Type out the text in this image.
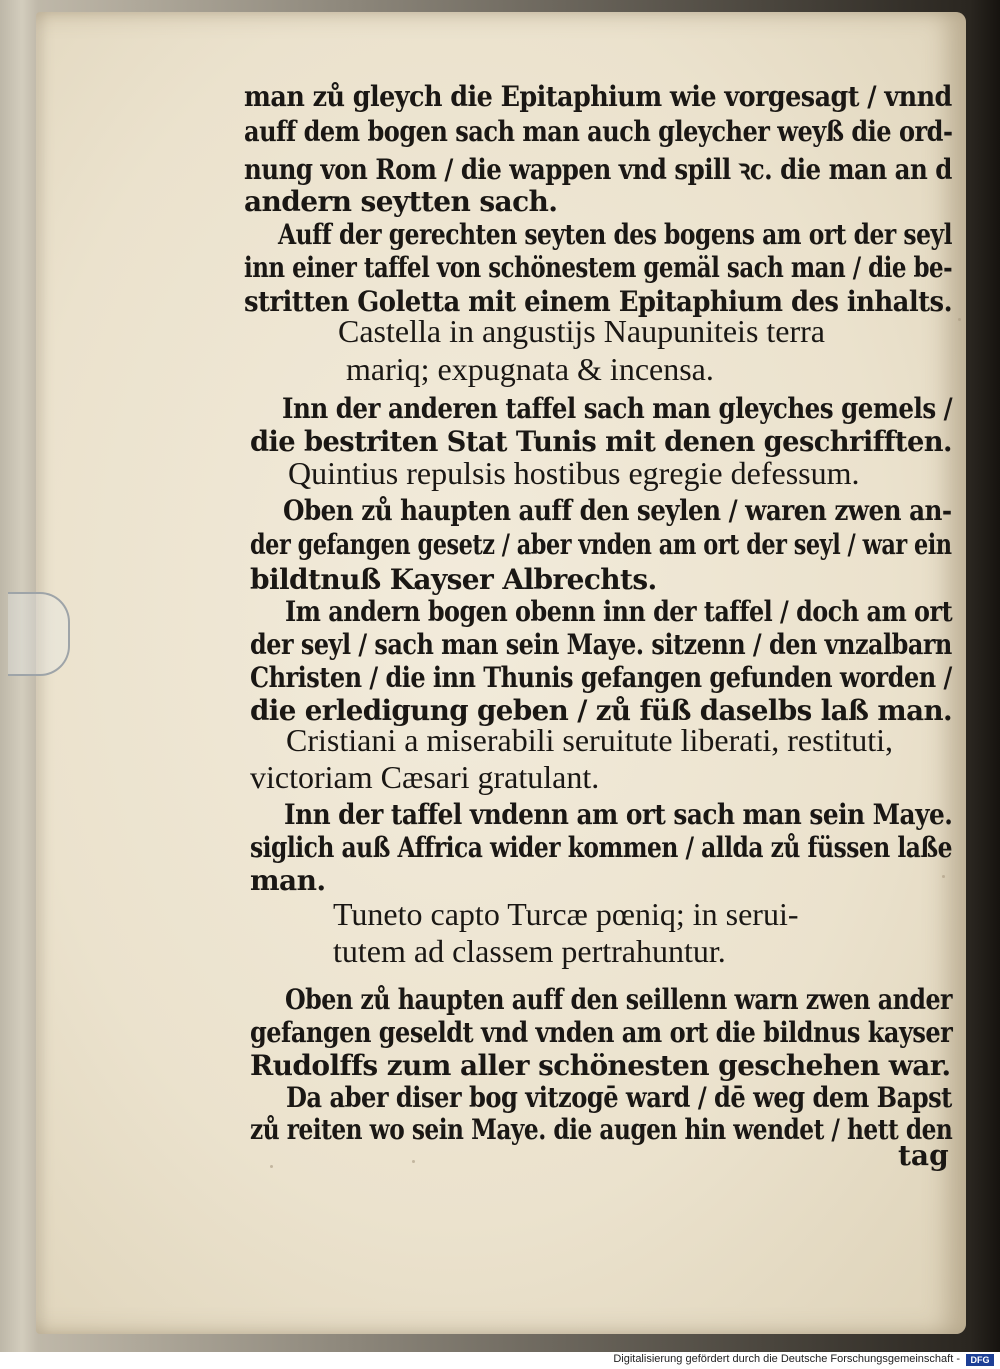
man zů gleych die Epitaphium wie vorgesagt / vnnd
auff dem bogen sach man auch gleycher weyß die ord-
nung von Rom / die wappen vnd spill ꝛc. die man an d
andern seytten sach.
Auff der gerechten seyten des bogens am ort der seyl
inn einer taffel von schönestem gemäl sach man / die be-
stritten Goletta mit einem Epitaphium des inhalts.
Castella in angustijs Naupuniteis terra
mariq; expugnata & incensa.
Inn der anderen taffel sach man gleyches gemels /
die bestriten Stat Tunis mit denen geschrifften.
Quintius repulsis hostibus egregie defessum.
Oben zů haupten auff den seylen / waren zwen an-
der gefangen gesetz / aber vnden am ort der seyl / war ein
bildtnuß Kayser Albrechts.
Im andern bogen obenn inn der taffel / doch am ort
der seyl / sach man sein Maye. sitzenn / den vnzalbarn
Christen / die inn Thunis gefangen gefunden worden /
die erledigung geben / zů füß daselbs laß man.
Cristiani a miserabili seruitute liberati, restituti,
victoriam Cæsari gratulant.
Inn der taffel vndenn am ort sach man sein Maye.
siglich auß Affrica wider kommen / allda zů füssen laße
man.
Tuneto capto Turcæ pœniq; in serui-
tutem ad classem pertrahuntur.
Oben zů haupten auff den seillenn warn zwen ander
gefangen geseldt vnd vnden am ort die bildnus kayser
Rudolffs zum aller schönesten geschehen war.
Da aber diser bog vitzogē ward / dē weg dem Bapst
zů reiten wo sein Maye. die augen hin wendet / hett den
tag
Digitalisierung gefördert durch die Deutsche Forschungsgemeinschaft -	DFG
